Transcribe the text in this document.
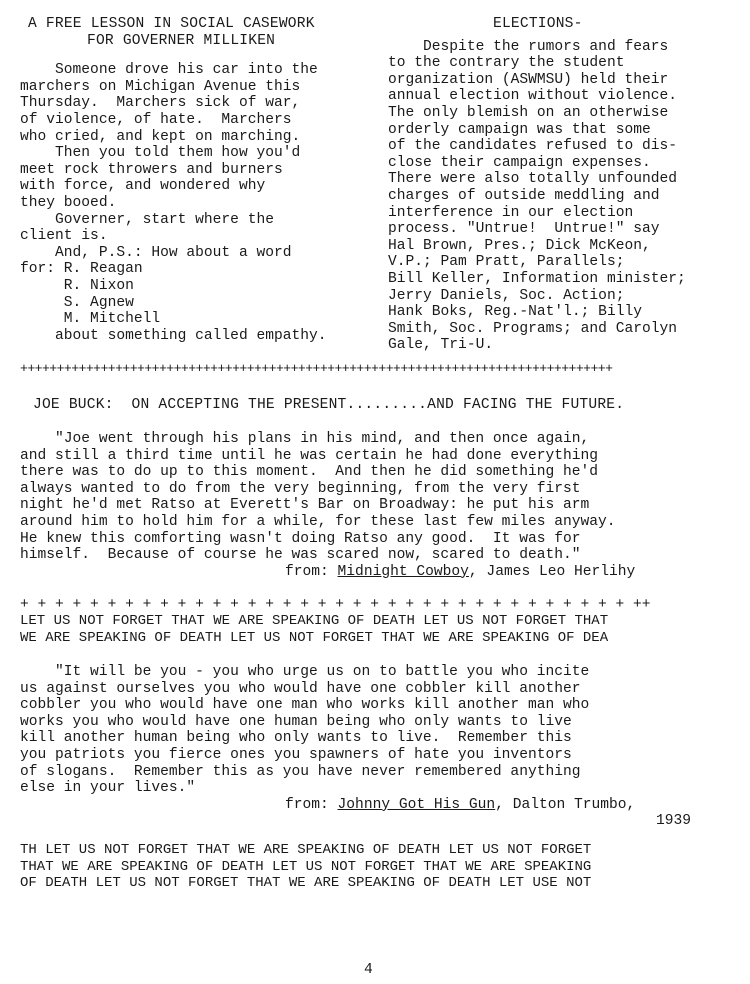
A FREE LESSON IN SOCIAL CASEWORK
FOR GOVERNER MILLIKEN
Someone drove his car into the
marchers on Michigan Avenue this
Thursday.  Marchers sick of war,
of violence, of hate.  Marchers
who cried, and kept on marching.
Then you told them how you'd
meet rock throwers and burners
with force, and wondered why
they booed.
Governer, start where the
client is.
And, P.S.: How about a word
for: R. Reagan
R. Nixon
S. Agnew
M. Mitchell
about something called empathy.
ELECTIONS-
Despite the rumors and fears
to the contrary the student
organization (ASWMSU) held their
annual election without violence.
The only blemish on an otherwise
orderly campaign was that some
of the candidates refused to dis-
close their campaign expenses.
There were also totally unfounded
charges of outside meddling and
interference in our election
process. "Untrue!  Untrue!" say
Hal Brown, Pres.; Dick McKeon,
V.P.; Pam Pratt, Parallels;
Bill Keller, Information minister;
Jerry Daniels, Soc. Action;
Hank Boks, Reg.-Nat'l.; Billy
Smith, Soc. Programs; and Carolyn
Gale, Tri-U.
+++++++++++++++++++++++++++++++++++++++++++++++++++++++++++++++++++++++++++++++++
JOE BUCK:  ON ACCEPTING THE PRESENT.........AND FACING THE FUTURE.
"Joe went through his plans in his mind, and then once again,
and still a third time until he was certain he had done everything
there was to do up to this moment.  And then he did something he'd
always wanted to do from the very beginning, from the very first
night he'd met Ratso at Everett's Bar on Broadway: he put his arm
around him to hold him for a while, for these last few miles anyway.
He knew this comforting wasn't doing Ratso any good.  It was for
himself.  Because of course he was scared now, scared to death."
from: Midnight Cowboy, James Leo Herlihy
+ + + + + + + + + + + + + + + + + + + + + + + + + + + + + + + + + + + ++
LET US NOT FORGET THAT WE ARE SPEAKING OF DEATH LET US NOT FORGET THAT
WE ARE SPEAKING OF DEATH LET US NOT FORGET THAT WE ARE SPEAKING OF DEA
"It will be you - you who urge us on to battle you who incite
us against ourselves you who would have one cobbler kill another
cobbler you who would have one man who works kill another man who
works you who would have one human being who only wants to live
kill another human being who only wants to live.  Remember this
you patriots you fierce ones you spawners of hate you inventors
of slogans.  Remember this as you have never remembered anything
else in your lives."
from: Johnny Got His Gun, Dalton Trumbo,
1939
TH LET US NOT FORGET THAT WE ARE SPEAKING OF DEATH LET US NOT FORGET
THAT WE ARE SPEAKING OF DEATH LET US NOT FORGET THAT WE ARE SPEAKING
OF DEATH LET US NOT FORGET THAT WE ARE SPEAKING OF DEATH LET USE NOT
4
